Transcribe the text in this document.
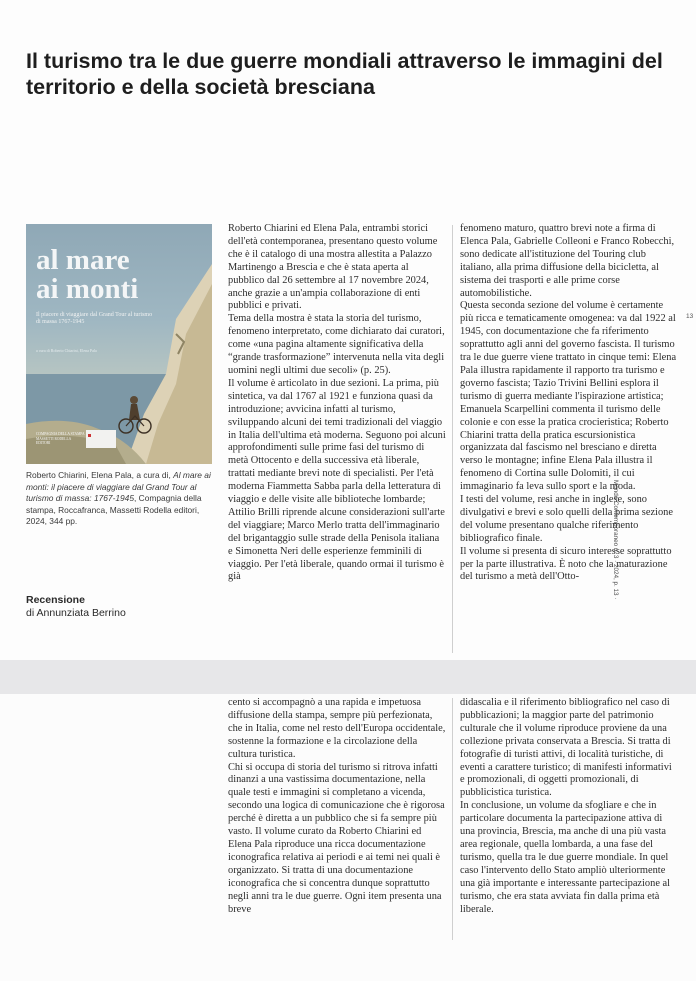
Il turismo tra le due guerre mondiali attraverso le immagini del territorio e della società bresciana
al mare
ai monti
Il piacere di viaggiare dal Grand Tour al turismo di massa 1767-1945
a cura di Roberto Chiarini, Elena Pala
COMPAGNIA DELLA STAMPA MASSETTI RODELLA EDITORI
Roberto Chiarini, Elena Pala, a cura di, Al mare ai monti: il piacere di viaggiare dal Grand Tour al turismo di massa: 1767-1945, Compagnia della stampa, Roccafranca, Massetti Rodella editori, 2024, 344 pp.
Recensione
di Annunziata Berrino

Roberto Chiarini ed Elena Pala, entrambi storici dell'età contemporanea, presentano questo volume che è il catalogo di una mostra allestita a Palazzo Martinengo a Brescia e che è stata aperta al pubblico dal 26 settembre al 17 novembre 2024, anche grazie a un'ampia collaborazione di enti pubblici e privati.

Tema della mostra è stata la storia del turismo, fenomeno interpretato, come dichiarato dai curatori, come «una pagina altamente significativa della “grande trasformazione” intervenuta nella vita degli uomini negli ultimi due secoli» (p. 25).

Il volume è articolato in due sezioni. La prima, più sintetica, va dal 1767 al 1921 e funziona quasi da introduzione; avvicina infatti al turismo, sviluppando alcuni dei temi tradizionali del viaggio in Italia dell'ultima età moderna. Seguono poi alcuni approfondimenti sulle prime fasi del turismo di metà Ottocento e della successiva età liberale, trattati mediante brevi note di specialisti. Per l'età moderna Fiammetta Sabba parla della letteratura di viaggio e delle visite alle biblioteche lombarde; Attilio Brilli riprende alcune considerazioni sull'arte del viaggiare; Marco Merlo tratta dell'immaginario del brigantaggio sulle strade della Penisola italiana e Simonetta Neri delle esperienze femminili di viaggio. Per l'età liberale, quando ormai il turismo è già

fenomeno maturo, quattro brevi note a firma di Elenca Pala, Gabrielle Colleoni e Franco Robecchi, sono dedicate all'istituzione del Touring club italiano, alla prima diffusione della bicicletta, al sistema dei trasporti e alle prime corse automobilistiche.

Questa seconda sezione del volume è certamente più ricca e tematicamente omogenea: va dal 1922 al 1945, con documentazione che fa riferimento soprattutto agli anni del governo fascista. Il turismo tra le due guerre viene trattato in cinque temi: Elena Pala illustra rapidamente il rapporto tra turismo e governo fascista; Tazio Trivini Bellini esplora il turismo di guerra mediante l'ispirazione artistica; Emanuela Scarpellini commenta il turismo delle colonie e con esse la pratica crocieristica; Roberto Chiarini tratta della pratica escursionistica organizzata dal fascismo nel bresciano e diretta verso le montagne; infine Elena Pala illustra il fenomeno di Cortina sulle Dolomiti, il cui immaginario fa leva sullo sport e la moda.

I testi del volume, resi anche in inglese, sono divulgativi e brevi e solo quelli della prima sezione del volume presentano qualche riferimento bibliografico finale.

Il volume si presenta di sicuro interesse soprattutto per la parte illustrativa. È noto che la maturazione del turismo a metà dell'Otto-

cento si accompagnò a una rapida e impetuosa diffusione della stampa, sempre più perfezionata, che in Italia, come nel resto dell'Europa occidentale, sostenne la formazione e la circolazione della cultura turistica.

Chi si occupa di storia del turismo si ritrova infatti dinanzi a una vastissima documentazione, nella quale testi e immagini si completano a vicenda, secondo una logica di comunicazione che è rigorosa perché è diretta a un pubblico che si fa sempre più vasto. Il volume curato da Roberto Chiarini ed Elena Pala riproduce una ricca documentazione iconografica relativa ai periodi e ai temi nei quali è organizzato. Si tratta di una documentazione iconografica che si concentra dunque soprattutto negli anni tra le due guerre. Ogni item presenta una breve

didascalia e il riferimento bibliografico nel caso di pubblicazioni; la maggior parte del patrimonio culturale che il volume riproduce proviene da una collezione privata conservata a Brescia. Si tratta di fotografie di turisti attivi, di località turistiche, di eventi a carattere turistico; di manifesti informativi e promozionali, di oggetti promozionali, di pubblicistica turistica.

In conclusione, un volume da sfogliare e che in particolare documenta la partecipazione attiva di una provincia, Brescia, ma anche di una più vasta area regionale, quella lombarda, a una fase del turismo, quella tra le due guerre mondiale. In quel caso l'intervento dello Stato ampliò ulteriormente una già importante e interessante partecipazione al turismo, che era stata avviata fin dalla prima età liberale.

13
Mondo Contemporaneo n. 3 · 2024, p. 13 ·
